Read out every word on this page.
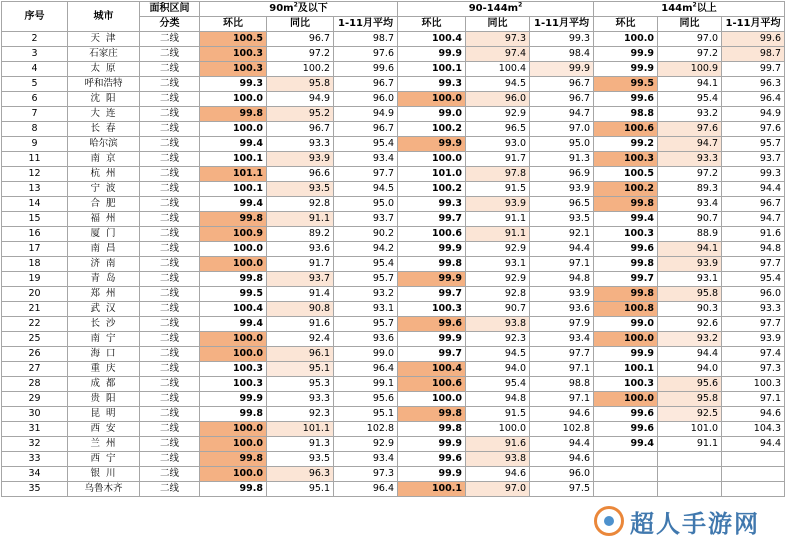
序号	城市	面积区间	$90m^2$及以下			$90-144m^2$			$144m^2$以上		
		分类	环比	同比	1-11月平均	环比	同比	1-11月平均	环比	同比	1-11月平均
2	天津	二线	100.5	96.7	98.7	100.4	97.3	99.3	100.0	97.0	99.6
3	石家庄	二线	100.3	97.2	97.6	99.9	97.4	98.4	99.9	97.2	98.7
4	太原	二线	100.3	100.2	99.6	100.1	100.4	99.9	99.9	100.9	99.7
5	呼和浩特	二线	99.3	95.8	96.7	99.3	94.5	96.7	99.5	94.1	96.3
6	沈阳	二线	100.0	94.9	96.0	100.0	96.0	96.7	99.6	95.4	96.4
7	大连	二线	99.8	95.2	94.9	99.0	92.9	94.7	98.8	93.2	94.9
8	长春	二线	100.0	96.7	96.7	100.2	96.5	97.0	100.6	97.6	97.6
9	哈尔滨	二线	99.4	93.3	95.4	99.9	93.0	95.0	99.2	94.7	95.7
11	南京	二线	100.1	93.9	93.4	100.0	91.7	91.3	100.3	93.3	93.7
12	杭州	二线	101.1	96.6	97.7	101.0	97.8	96.9	100.5	97.2	99.3
13	宁波	二线	100.1	93.5	94.5	100.2	91.5	93.9	100.2	89.3	94.4
14	合肥	二线	99.4	92.8	95.0	99.3	93.9	96.5	99.8	93.4	96.7
15	福州	二线	99.8	91.1	93.7	99.7	91.1	93.5	99.4	90.7	94.7
16	厦门	二线	100.9	89.2	90.2	100.6	91.1	92.1	100.3	88.9	91.6
17	南昌	二线	100.0	93.6	94.2	99.9	92.9	94.4	99.6	94.1	94.8
18	济南	二线	100.0	91.7	95.4	99.8	93.1	97.1	99.8	93.9	97.7
19	青岛	二线	99.8	93.7	95.7	99.9	92.9	94.8	99.7	93.1	95.4
20	郑州	二线	99.5	91.4	93.2	99.7	92.8	93.9	99.8	95.8	96.0
21	武汉	二线	100.4	90.8	93.1	100.3	90.7	93.6	100.8	90.3	93.3
22	长沙	二线	99.4	91.6	95.7	99.6	93.8	97.9	99.0	92.6	97.7
25	南宁	二线	100.0	92.4	93.6	99.9	92.3	93.4	100.0	93.2	93.9
26	海口	二线	100.0	96.1	99.0	99.7	94.5	97.7	99.9	94.4	97.4
27	重庆	二线	100.3	95.1	96.4	100.4	94.0	97.1	100.1	94.0	97.3
28	成都	二线	100.3	95.3	99.1	100.6	95.4	98.8	100.3	95.6	100.3
29	贵阳	二线	99.9	93.3	95.6	100.0	94.8	97.1	100.0	95.8	97.1
30	昆明	二线	99.8	92.3	95.1	99.8	91.5	94.6	99.6	92.5	94.6
31	西安	二线	100.0	101.1	102.8	99.8	100.0	102.8	99.6	101.0	104.3
32	兰州	二线	100.0	91.3	92.9	99.9	91.6	94.4	99.4	91.1	94.4
33	西宁	二线	99.8	93.5	93.4	99.6	93.8	94.6			
34	银川	二线	100.0	96.3	97.3	99.9	94.6	96.0			
35	乌鲁木齐	二线	99.8	95.1	96.4	100.1	97.0	97.5			
超人手游网
